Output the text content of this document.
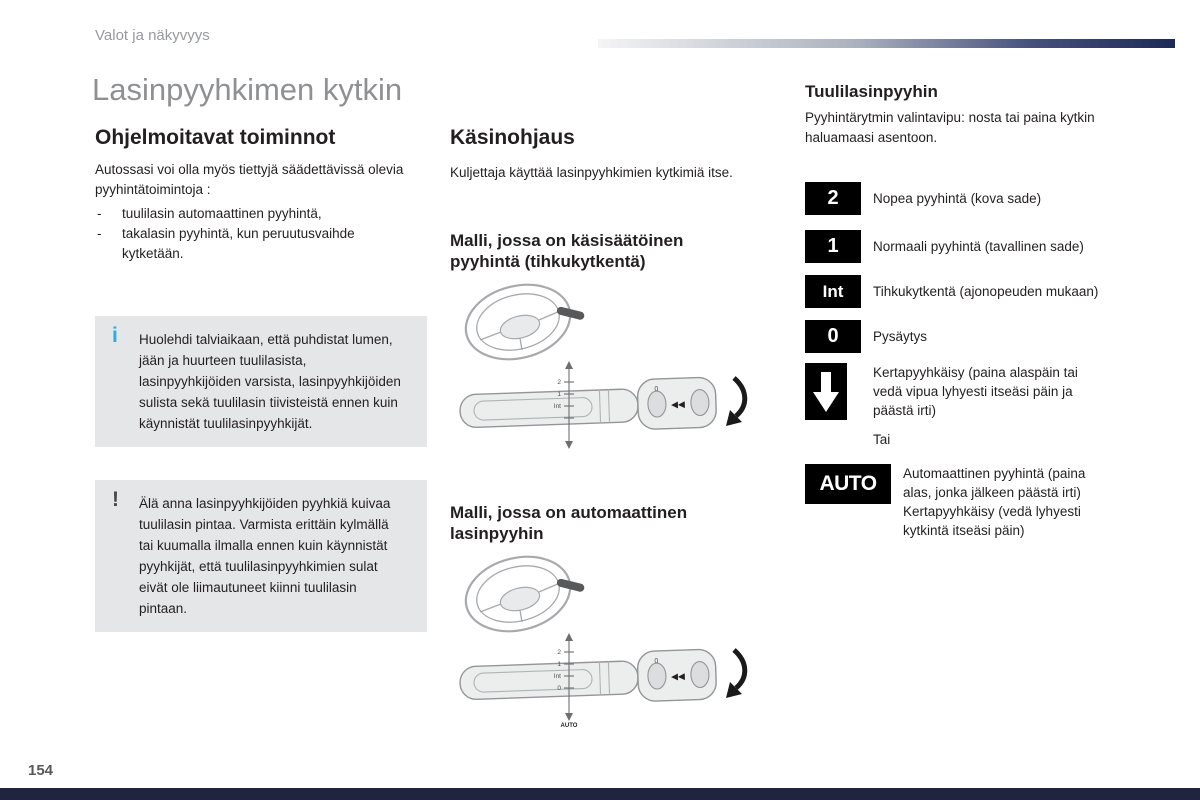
Valot ja näkyvyys
Lasinpyyhkimen kytkin
Ohjelmoitavat toiminnot

Autossasi voi olla myös tiettyjä säädettävissä olevia pyyhintätoimintoja :

- tuulilasin automaattinen pyyhintä,
- takalasin pyyhintä, kun peruutusvaihde kytketään.
i Huolehdi talviaikaan, että puhdistat lumen, jään ja huurteen tuulilasista, lasinpyyhkijöiden varsista, lasinpyyhkijöiden sulista sekä tuulilasin tiivisteistä ennen kuin käynnistät tuulilasinpyyhkijät.
! Älä anna lasinpyyhkijöiden pyyhkiä kuivaa tuulilasin pintaa. Varmista erittäin kylmällä tai kuumalla ilmalla ennen kuin käynnistät pyyhkijät, että tuulilasinpyyhkimien sulat eivät ole liimautuneet kiinni tuulilasin pintaan.
Käsinohjaus

Kuljettaja käyttää lasinpyyhkimien kytkimiä itse.

Malli, jossa on käsisäätöinen pyyhintä (tihkukytkentä)
0
◀◀
2
1
Int
Malli, jossa on automaattinen lasinpyyhin
0
◀◀
2
1
Int
0
AUTO
Tuulilasinpyyhin

Pyyhintärytmin valintavipu: nosta tai paina kytkin haluamaasi asentoon.

2	Nopea pyyhintä (kova sade)
1	Normaali pyyhintä (tavallinen sade)
Int	Tihkukytkentä (ajonopeuden mukaan)
0	Pysäytys
Kertapyyhkäisy (paina alaspäin tai vedä vipua lyhyesti itseäsi päin ja päästä irti)
Tai
AUTO	Automaattinen pyyhintä (paina alas, jonka jälkeen päästä irti)
Kertapyyhkäisy (vedä lyhyesti kytkintä itseäsi päin)
154
